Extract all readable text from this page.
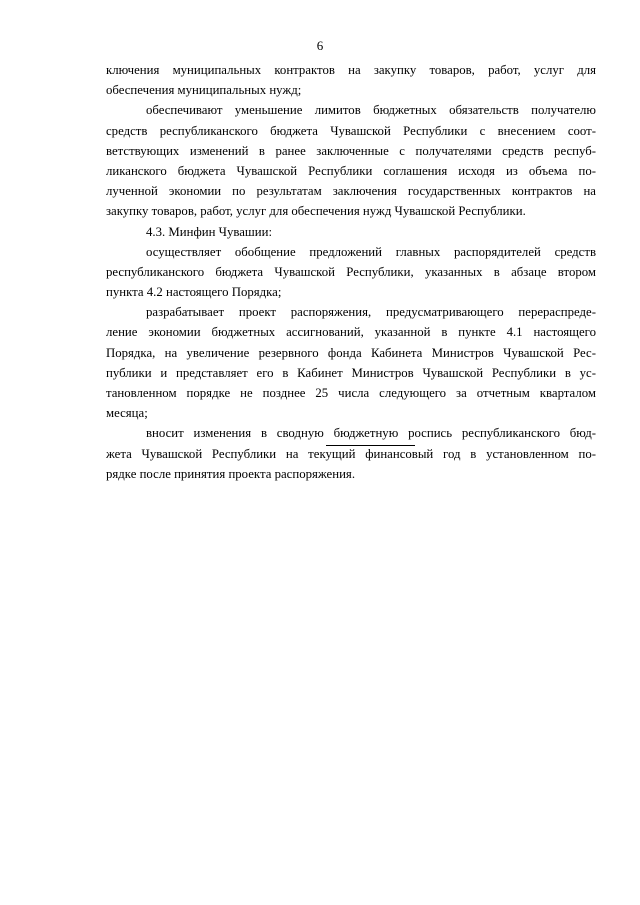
6
ключения муниципальных контрактов на закупку товаров, работ, услуг для
обеспечения муниципальных нужд;
обеспечивают уменьшение лимитов бюджетных обязательств получателю
средств республиканского бюджета Чувашской Республики с внесением соот-
ветствующих изменений в ранее заключенные с получателями средств респуб-
ликанского бюджета Чувашской Республики соглашения исходя из объема по-
лученной экономии по результатам заключения государственных контрактов на
закупку товаров, работ, услуг для обеспечения нужд Чувашской Республики.
4.3. Минфин Чувашии:
осуществляет обобщение предложений главных распорядителей средств
республиканского бюджета Чувашской Республики, указанных в абзаце втором
пункта 4.2 настоящего Порядка;
разрабатывает проект распоряжения, предусматривающего перераспреде-
ление экономии бюджетных ассигнований, указанной в пункте 4.1 настоящего
Порядка, на увеличение резервного фонда Кабинета Министров Чувашской Рес-
публики и представляет его в Кабинет Министров Чувашской Республики в ус-
тановленном порядке не позднее 25 числа следующего за отчетным кварталом
месяца;
вносит изменения в сводную бюджетную роспись республиканского бюд-
жета Чувашской Республики на текущий финансовый год в установленном по-
рядке после принятия проекта распоряжения.
